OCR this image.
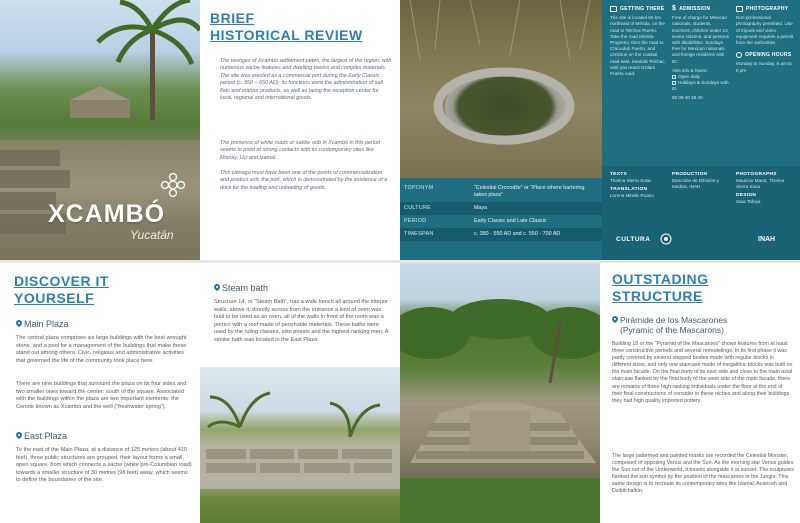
XCAMBÓ
Yucatán
BRIEF
HISTORICAL REVIEW
The vestiges of Xcambó settlement petén, the largest of the region, with numerous sacbe features and dwelling basins and complex materials. The site was erected as a commercial port during the Early Classic period (c. 350 – 650 AD); its functions were the administration of salt flats and marine products, as well as being the reception center for local, regional and international goods.
The presence of white roads or sakbe´oob in Xcambó in this period seems to point at strong contacts with its contemporary sites like Misnay, Uci and Izamal.
This ciénaga must have been one of the points of commercialization and product exit, the port, which is demonstrated by the existence of a dock for the loading and unloading of goods.	TOPONYM	“Celestial Crocodile” or “Place where bartering takes place”
CULTURE	Maya
PERIOD	Early Classic and Late Classic
TIMESPAN	c. 350 - 550 AD and c. 550 - 700 AD
GETTING THERE
The site is located 60 km northeast of Mérida, on the road to Telchac Puerto. Take the road Mérida-Progreso; then the road to Chicxulub Puerto, and continue on the coastal road east, towards Telchac, until you reach Dzilam Puerto road.
$ ADMISSION
Free of charge for Mexican nationals, students, teachers, children under 13, senior citizens, and persons with disabilities. Sundays free for Mexican nationals and foreign residents with ID.
Visit info & hours:
Open daily
Holidays & Sundays with ID
55 09 40 46 48
PHOTOGRAPHY
Non-professional photography permitted. Use of tripods and video equipment requires a permit from the authorities.
OPENING HOURS
Monday to Sunday, 8 am to 5 pm
TEXTS
Thelma Sierra Sosa
TRANSLATION
Lorena Mirelle Ruano
PRODUCTION
Dirección de Difusión y Medios, INAH
PHOTOGRAPHS
Mauricio Marat, Thelma Sierra Sosa
DESIGN
Sara Tafoya
CULTURA	INAH
DISCOVER IT
YOURSELF
Main Plaza
The central plaza comprises six large buildings with the best wrought stone, and a pool for a management of the buildings that make these stand out among others. Civic, religious and administrative activities that governed the life of the community took place here.
There are nine buildings that surround the plaza on its four sides and two smaller ones toward the center: south of the square. Associated with the buildings within the plaza are two important elements: the Cenote known as Xcambó and the well (“freshwater spring”).
East Plaza
To the east of the Main Plaza, at a distance of 125 meters (about 410 feet), three public structures are grouped, their layout forms a small, open square, from which connects a sacbe (white pre-Columbian road) towards a smaller structure of 30 metres (98 feet) away, which seems to define the boundaries of the site.
Steam bath
Structure 14, or “Steam Bath”, has a wide bench all around the interior walls, above it, directly across from the entrance a kind of oven was built to be used as an oven, all of the walls in front of the room was a portico with a roof made of perishable materials. These baths were used by the ruling classes, also priests and the highest ranking men. A similar bath was located in the East Plaza.
OUTSTADING
STRUCTURE
Pirámide de los Mascarones
(Pyramic of the Mascarons)
Building 18 or the “Pyramid of the Mascarons” shows features from at least three constructive periods and several remodelings. In its first phase it was partly covered by several stepped bodies made with regular blocks in different sizes, and only one staircase made of megalithic blocks was built on the main facade. On the final body of its east side and close to the main axial staircase flanked by the final body of the west side of the main facade, there are remains of three high ranking individuals under the floor at the end of their final constructions of consider in these niches and along their buildings they had high quality imported pottery.
The large patterned and painted masks are recorded the Celestial Monster, composed of opposing Venus and the Sun. As the morning star Venus guides the Sun out of the Underworld, it travels alongside it at sunset. The sculptures flanked the sun symbol by the position of the mascarons in the Jungle. This same design is to recreate its contemporary sites like Izamal, Acanceh and Dzibilchaltún.
